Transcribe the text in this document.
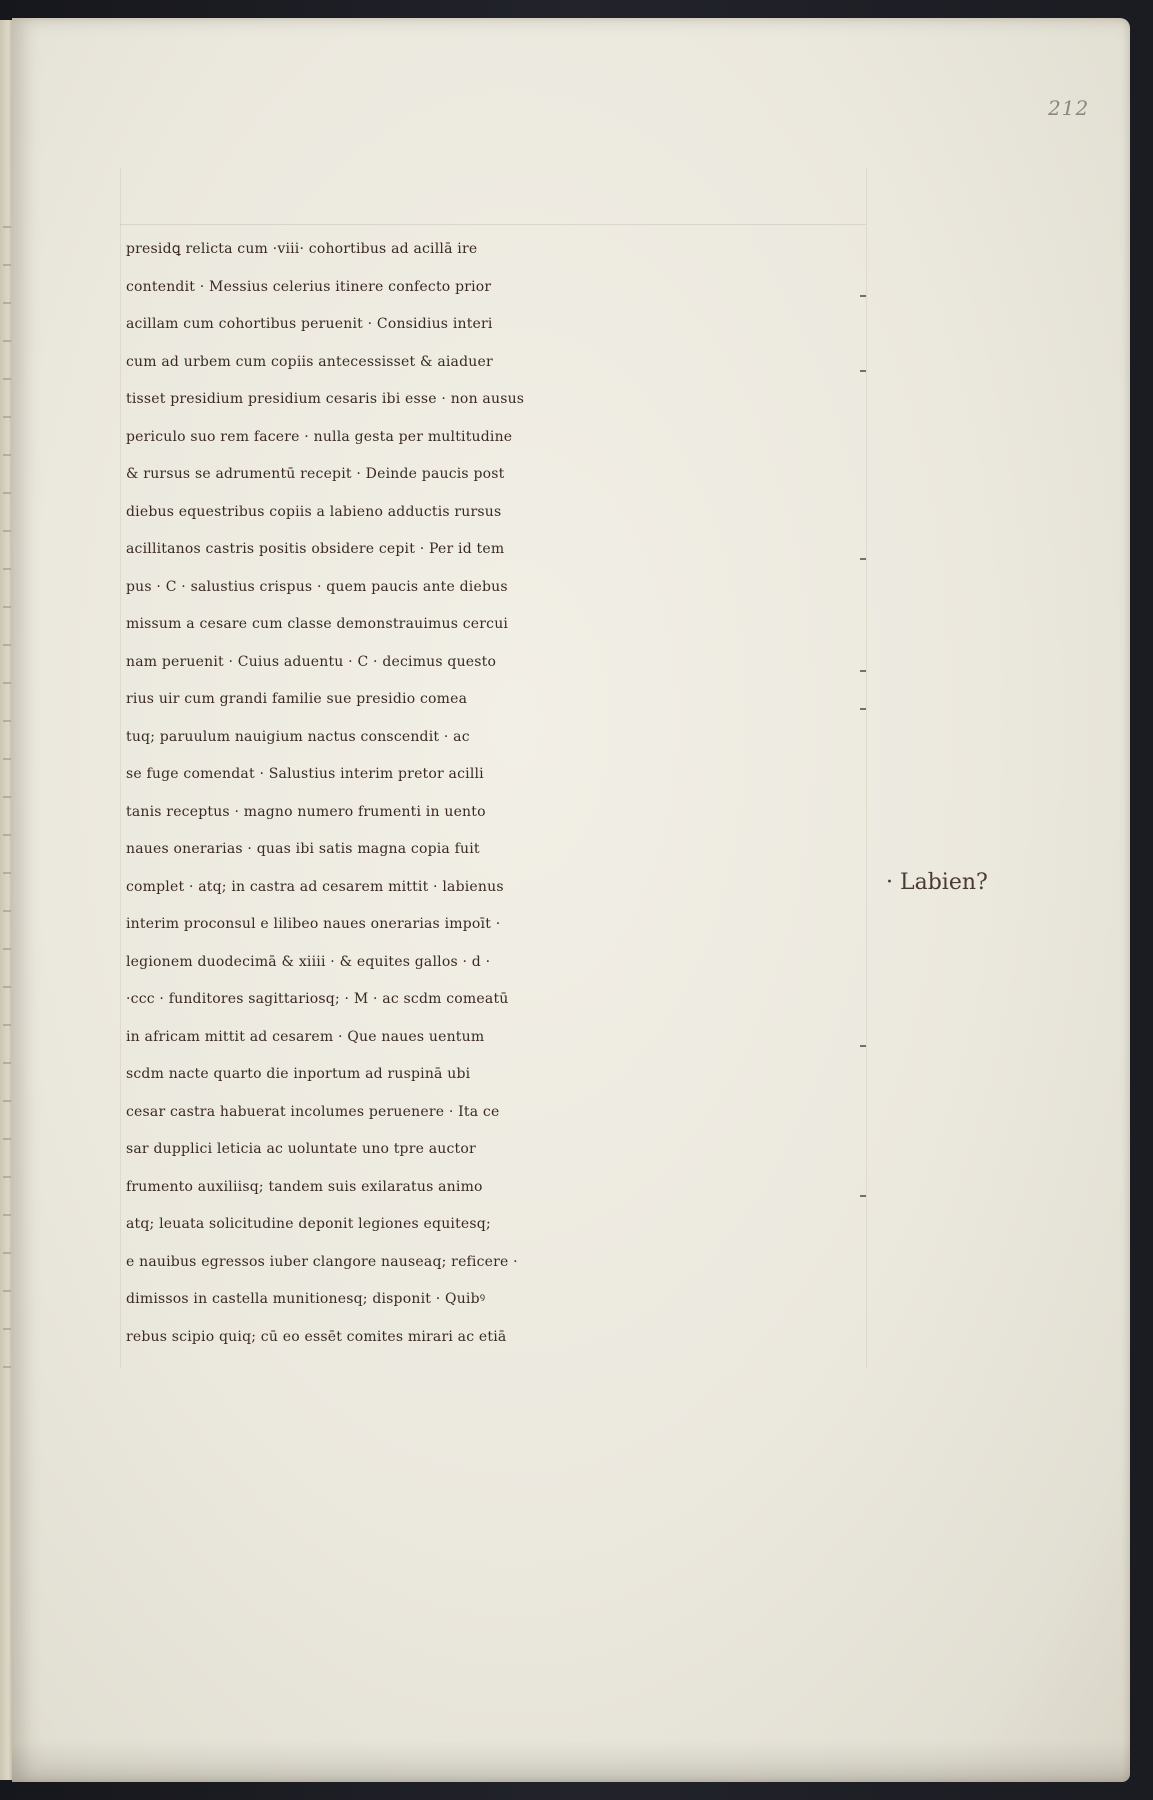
212
presidꝗ relicta cum ·viii· cohortibus ad acillā ire
contendit · Messius celerius itinere confecto prior
acillam cum cohortibus peruenit · Considius interi
cum ad urbem cum copiis antecessisset & aiaduer
tisset presidium presidium cesaris ibi esse · non ausus
periculo suo rem facere · nulla gesta per multitudine
& rursus se adrumentū recepit · Deinde paucis post
diebus equestribus copiis a labieno adductis rursus
acillitanos castris positis obsidere cepit · Per id tem
pus · C · salustius crispus · quem paucis ante diebus
missum a cesare cum classe demonstrauimus cercui
nam peruenit · Cuius aduentu · C · decimus questo
rius uir cum grandi familie sue presidio comea
tuq; paruulum nauigium nactus conscendit · ac
se fuge comendat · Salustius interim pretor acilli
tanis receptus · magno numero frumenti in uento
naues onerarias · quas ibi satis magna copia fuit
complet · atq; in castra ad cesarem mittit · labienus
interim proconsul e lilibeo naues onerarias impoīt ·
legionem duodecimā & xiiii · & equites gallos · d ·
·ccc · funditores sagittariosq; · M · ac scdm comeatū
in africam mittit ad cesarem · Que naues uentum
scdm nacte quarto die inportum ad ruspinā ubi
cesar castra habuerat incolumes peruenere · Ita ce
sar dupplici leticia ac uoluntate uno tpre auctor
frumento auxiliisq; tandem suis exilaratus animo
atq; leuata solicitudine deponit legiones equitesq;
e nauibus egressos iuber clangore nauseaq; reficere ·
dimissos in castella munitionesq; disponit · Quibꝰ
rebus scipio quiq; cū eo essēt comites mirari ac etiā
· Labien?
